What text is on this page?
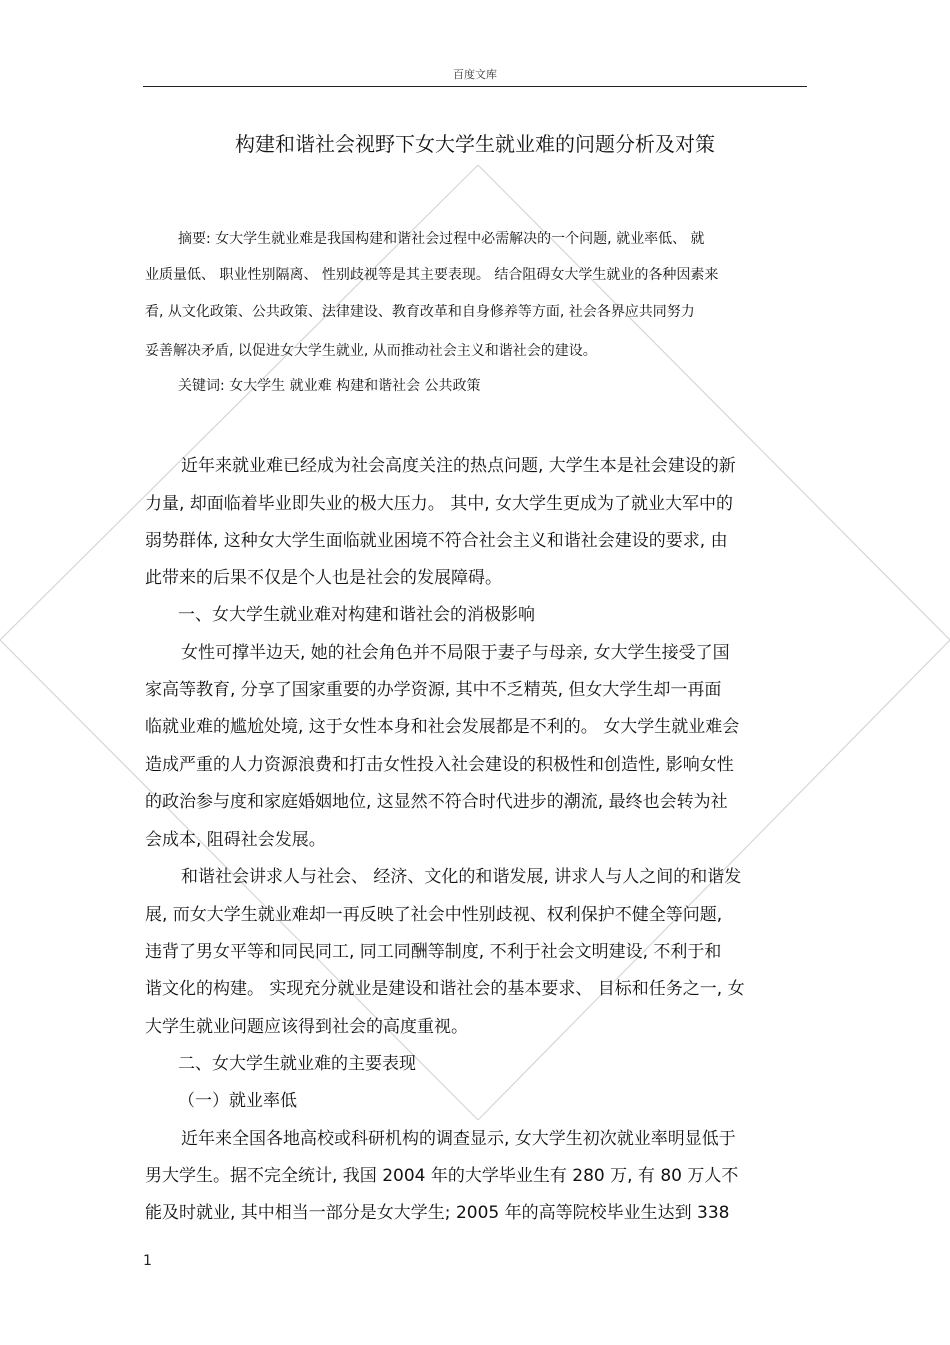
百度文库
构建和谐社会视野下女大学生就业难的问题分析及对策
摘要: 女大学生就业难是我国构建和谐社会过程中必需解决的一个问题, 就业率低、 就
业质量低、 职业性别隔离、 性别歧视等是其主要表现。 结合阻碍女大学生就业的各种因素来
看, 从文化政策、公共政策、法律建设、教育改革和自身修养等方面, 社会各界应共同努力
妥善解决矛盾, 以促进女大学生就业, 从而推动社会主义和谐社会的建设。
关键词: 女大学生 就业难 构建和谐社会 公共政策
近年来就业难已经成为社会高度关注的热点问题, 大学生本是社会建设的新
力量, 却面临着毕业即失业的极大压力。 其中, 女大学生更成为了就业大军中的
弱势群体, 这种女大学生面临就业困境不符合社会主义和谐社会建设的要求, 由
此带来的后果不仅是个人也是社会的发展障碍。
一、女大学生就业难对构建和谐社会的消极影响
女性可撑半边天, 她的社会角色并不局限于妻子与母亲, 女大学生接受了国
家高等教育, 分享了国家重要的办学资源, 其中不乏精英, 但女大学生却一再面
临就业难的尴尬处境, 这于女性本身和社会发展都是不利的。 女大学生就业难会
造成严重的人力资源浪费和打击女性投入社会建设的积极性和创造性, 影响女性
的政治参与度和家庭婚姻地位, 这显然不符合时代进步的潮流, 最终也会转为社
会成本, 阻碍社会发展。
和谐社会讲求人与社会、 经济、文化的和谐发展, 讲求人与人之间的和谐发
展, 而女大学生就业难却一再反映了社会中性别歧视、权利保护不健全等问题,
违背了男女平等和同民同工, 同工同酬等制度, 不利于社会文明建设, 不利于和
谐文化的构建。 实现充分就业是建设和谐社会的基本要求、 目标和任务之一, 女
大学生就业问题应该得到社会的高度重视。
二、女大学生就业难的主要表现
（一）就业率低
近年来全国各地高校或科研机构的调查显示, 女大学生初次就业率明显低于
男大学生。据不完全统计, 我国 2004 年的大学毕业生有 280 万, 有 80 万人不
能及时就业, 其中相当一部分是女大学生; 2005 年的高等院校毕业生达到 338
1
